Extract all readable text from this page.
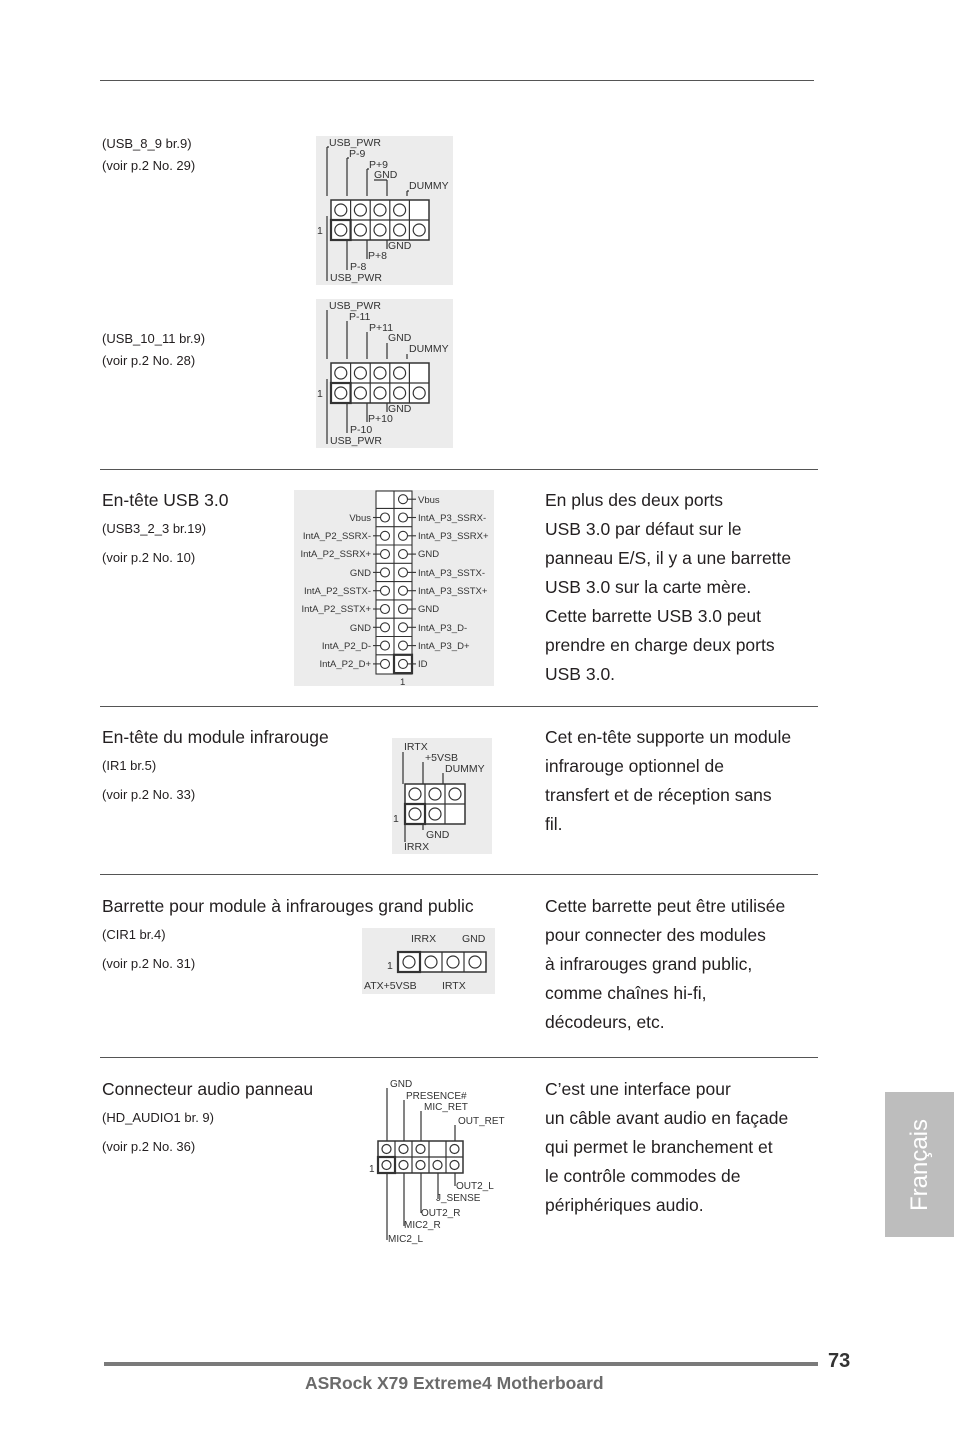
(USB_8_9 br.9)
(voir p.2 No. 29)
USB_PWR
P-9
P+9
GND
DUMMY
GND
P+8
P-8
USB_PWR
1
(USB_10_11 br.9)
(voir p.2 No. 28)
USB_PWR
P-11
P+11
GND
DUMMY
GND
P+10
P-10
USB_PWR
1
En-tête USB 3.0
(USB3_2_3 br.19)
(voir p.2 No. 10)
Vbus
IntA_P2_SSRX-
IntA_P2_SSRX+
GND
IntA_P2_SSTX-
IntA_P2_SSTX+
GND
IntA_P2_D-
IntA_P2_D+
Vbus
IntA_P3_SSRX-
IntA_P3_SSRX+
GND
IntA_P3_SSTX-
IntA_P3_SSTX+
GND
IntA_P3_D-
IntA_P3_D+
ID
1
En plus des deux ports
USB 3.0 par défaut sur le
panneau E/S, il y a une barrette
USB 3.0 sur la carte mère.
Cette barrette USB 3.0 peut
prendre en charge deux ports
USB 3.0.
En-tête du module infrarouge
(IR1 br.5)
(voir p.2 No. 33)
IRTX
+5VSB
DUMMY
GND
IRRX
1
Cet en-tête supporte un module
infrarouge optionnel de
transfert et de réception sans
fil.
Barrette pour module à infrarouges grand public
(CIR1 br.4)
(voir p.2 No. 31)
IRRX GND
ATX+5VSB IRTX
1
Cette barrette peut être utilisée
pour connecter des modules
à infrarouges grand public,
comme chaînes hi-fi,
décodeurs, etc.
Connecteur audio panneau
(HD_AUDIO1 br. 9)
(voir p.2 No. 36)
GND
PRESENCE#
MIC_RET
OUT_RET
OUT2_L
J_SENSE
OUT2_R
MIC2_R
MIC2_L
1
C’est une interface pour
un câble avant audio en façade
qui permet le branchement et
le contrôle commodes de
périphériques audio.	Français
73
ASRock X79 Extreme4 Motherboard
